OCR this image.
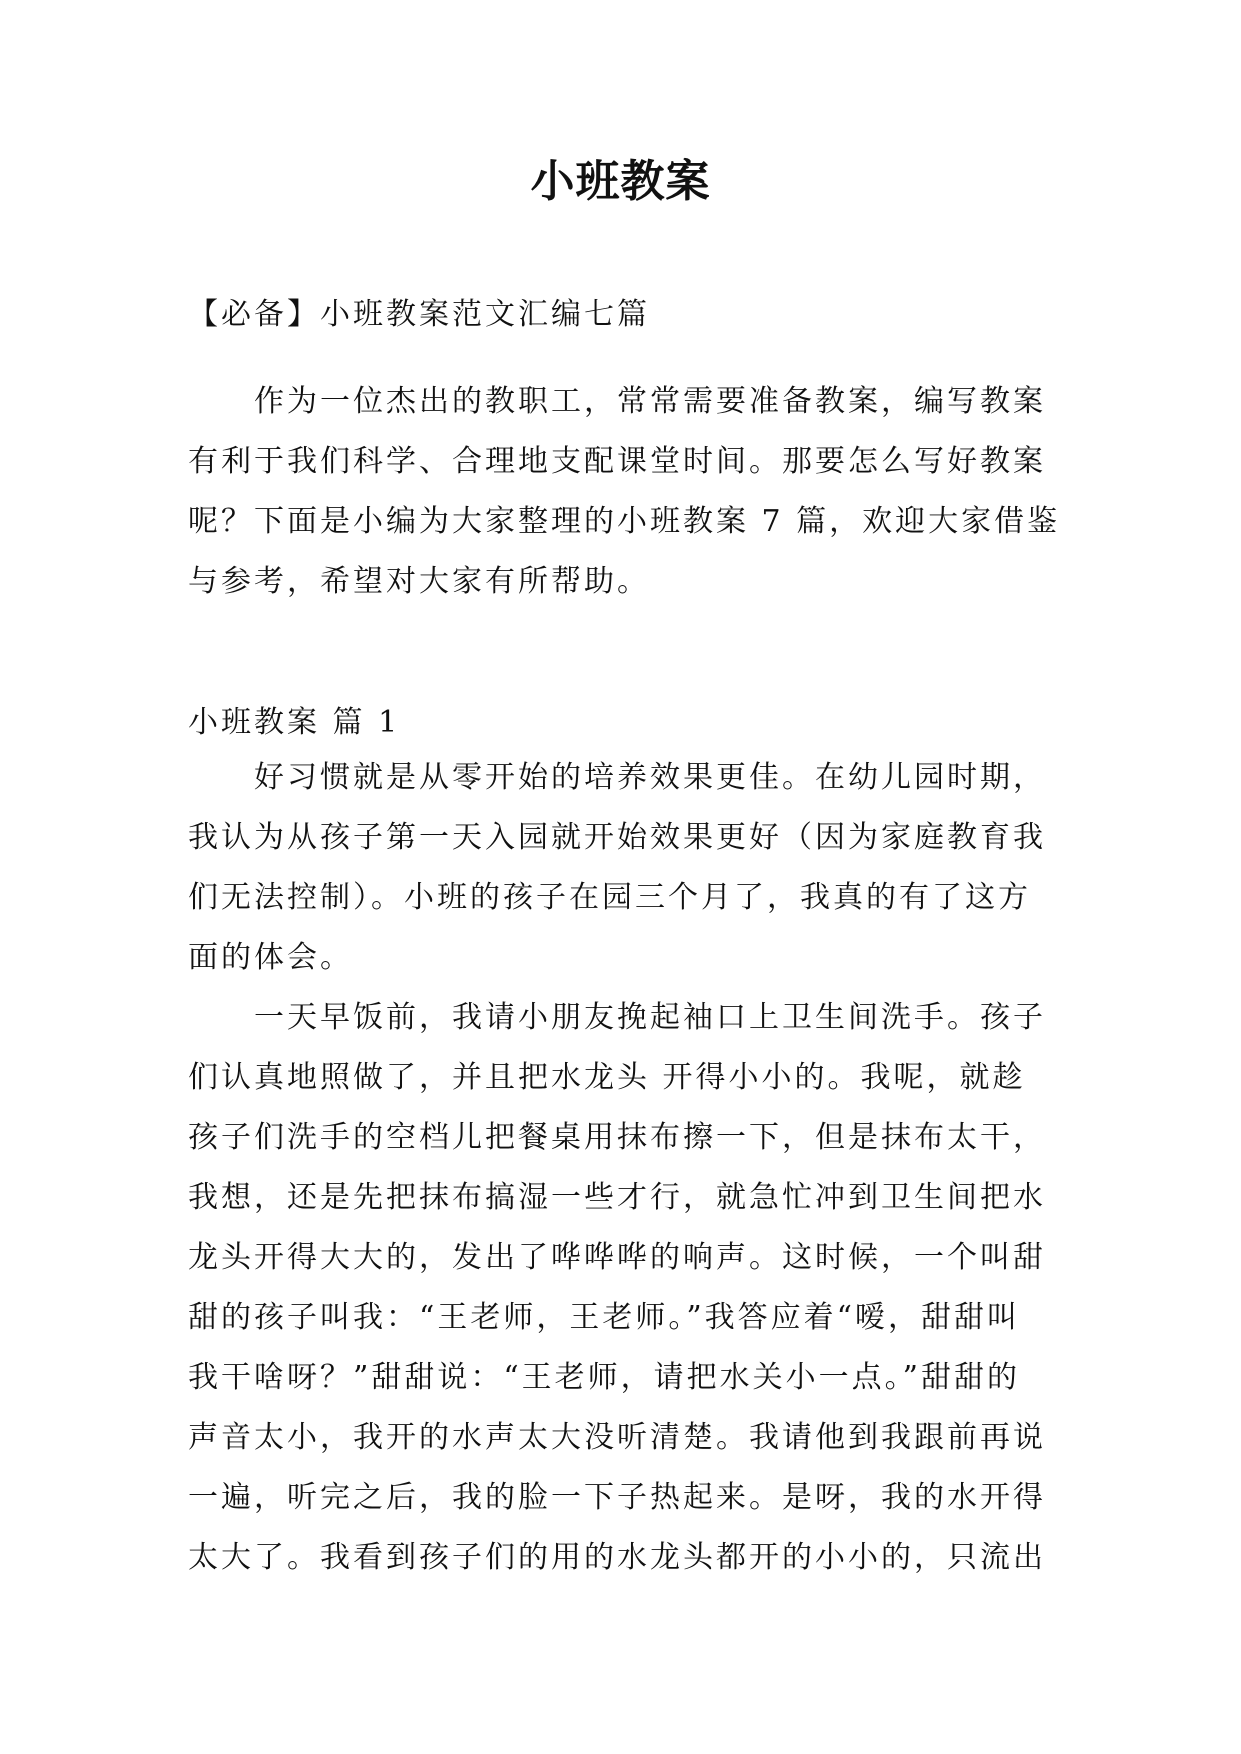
小班教案
【必备】小班教案范文汇编七篇
作为一位杰出的教职工，常常需要准备教案，编写教案
有利于我们科学、合理地支配课堂时间。那要怎么写好教案
呢？下面是小编为大家整理的小班教案 7 篇，欢迎大家借鉴
与参考，希望对大家有所帮助。
小班教案 篇 1
好习惯就是从零开始的培养效果更佳。在幼儿园时期，
我认为从孩子第一天入园就开始效果更好（因为家庭教育我
们无法控制）。小班的孩子在园三个月了，我真的有了这方
面的体会。
一天早饭前，我请小朋友挽起袖口上卫生间洗手。孩子
们认真地照做了，并且把水龙头 开得小小的。我呢，就趁
孩子们洗手的空档儿把餐桌用抹布擦一下，但是抹布太干，
我想，还是先把抹布搞湿一些才行，就急忙冲到卫生间把水
龙头开得大大的，发出了哗哗哗的响声。这时候，一个叫甜
甜的孩子叫我：“王老师，王老师。”我答应着“嗳，甜甜叫
我干啥呀？”甜甜说：“王老师，请把水关小一点。”甜甜的
声音太小，我开的水声太大没听清楚。我请他到我跟前再说
一遍，听完之后，我的脸一下子热起来。是呀，我的水开得
太大了。我看到孩子们的用的水龙头都开的小小的，只流出
